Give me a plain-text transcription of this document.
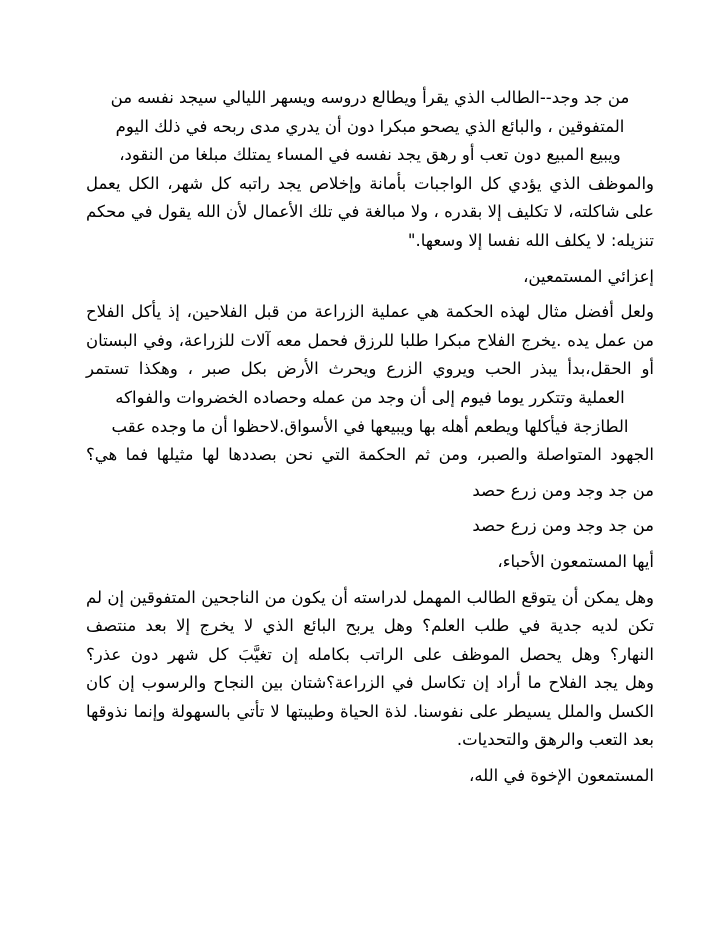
من جد وجد--الطالب الذي يقرأ ويطالع دروسه ويسهر الليالي سيجد نفسه من
المتفوقين ، والبائع الذي يصحو مبكرا دون أن يدري مدى ربحه في ذلك اليوم
ويبيع المبيع دون تعب أو رهق يجد نفسه في المساء يمتلك مبلغا من النقود،
والموظف الذي يؤدي كل الواجبات بأمانة وإخلاص يجد راتبه كل شهر، الكل يعمل
على شاكلته، لا تكليف إلا بقدره ، ولا مبالغة في تلك الأعمال لأن الله يقول في محكم
تنزيله: لا يكلف الله نفسا إلا وسعها."
إعزائي المستمعين،
ولعل أفضل مثال لهذه الحكمة هي عملية الزراعة من قبل الفلاحين، إذ يأكل الفلاح
من عمل يده .يخرج الفلاح مبكرا طلبا للرزق فحمل معه آلات للزراعة، وفي البستان
أو الحقل،بدأ يبذر الحب ويروي الزرع ويحرث الأرض بكل صبر ، وهكذا تستمر
العملية وتتكرر يوما فيوم إلى أن وجد من عمله وحصاده الخضروات والفواكه
الطازجة فيأكلها ويطعم أهله بها ويبيعها في الأسواق.لاحظوا أن ما وجده عقب
الجهود المتواصلة والصبر، ومن ثم الحكمة التي نحن بصددها لها مثيلها فما هي؟
من جد وجد ومن زرع حصد
من جد وجد ومن زرع حصد
أيها المستمعون الأحباء،
وهل يمكن أن يتوقع الطالب المهمل لدراسته أن يكون من الناجحين المتفوقين إن لم
تكن لديه جدية في طلب العلم؟ وهل يربح البائع الذي لا يخرج إلا بعد منتصف
النهار؟ وهل يحصل الموظف على الراتب بكامله إن تغيَّبَ كل شهر دون عذر؟
وهل يجد الفلاح ما أراد إن تكاسل في الزراعة؟شتان بين النجاح والرسوب إن كان
الكسل والملل يسيطر على نفوسنا. لذة الحياة وطيبتها لا تأتي بالسهولة وإنما نذوقها
بعد التعب والرهق والتحديات.
المستمعون الإخوة في الله،
